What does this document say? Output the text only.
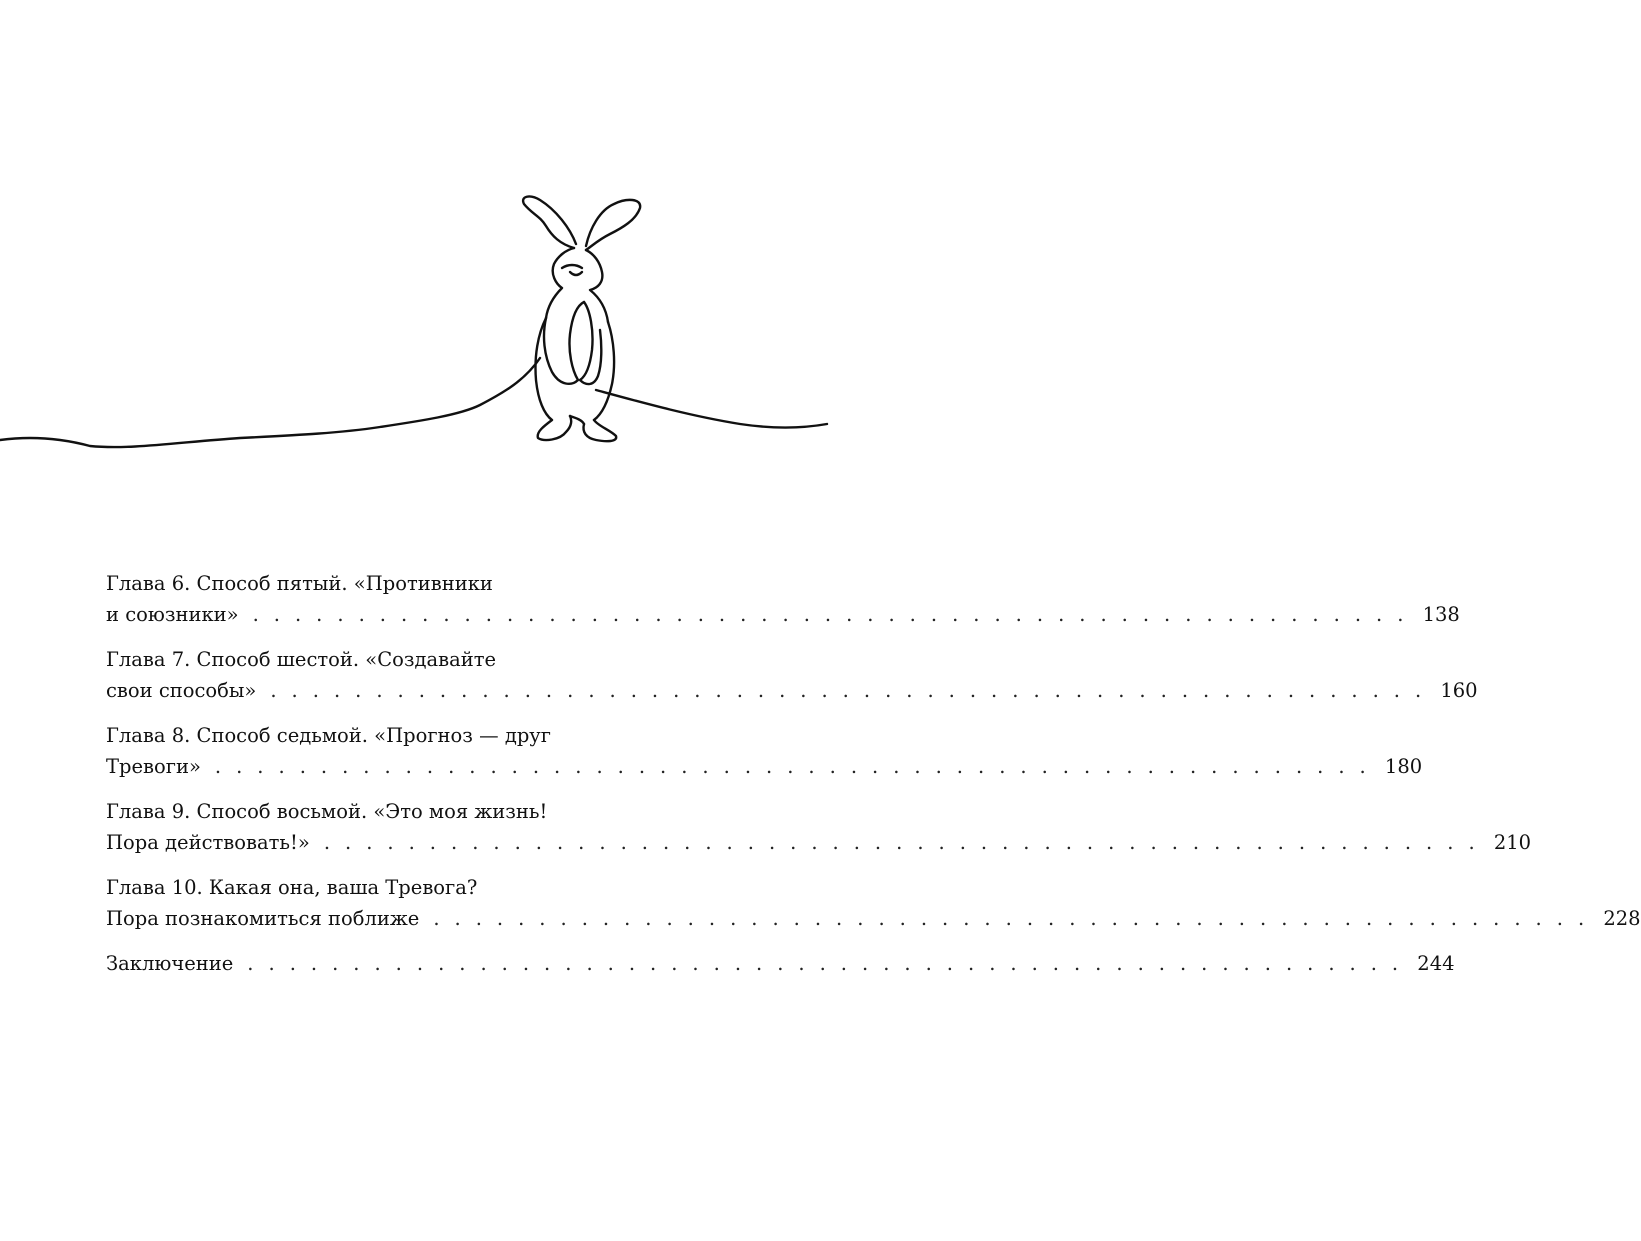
Глава 6. Способ пятый. «Противники
и союзники» . . . . . . . . . . . . . . . . . . . . . . . . . . . . . . . . . . . . . . . . . . . . . . . . . . . . . . . 138
Глава 7. Способ шестой. «Создавайте
свои способы» . . . . . . . . . . . . . . . . . . . . . . . . . . . . . . . . . . . . . . . . . . . . . . . . . . . . . . . 160
Глава 8. Способ седьмой. «Прогноз — друг
Тревоги» . . . . . . . . . . . . . . . . . . . . . . . . . . . . . . . . . . . . . . . . . . . . . . . . . . . . . . . 180
Глава 9. Способ восьмой. «Это моя жизнь!
Пора действовать!» . . . . . . . . . . . . . . . . . . . . . . . . . . . . . . . . . . . . . . . . . . . . . . . . . . . . . . . 210
Глава 10. Какая она, ваша Тревога?
Пора познакомиться поближе . . . . . . . . . . . . . . . . . . . . . . . . . . . . . . . . . . . . . . . . . . . . . . . . . . . . . . . 228
Заключение . . . . . . . . . . . . . . . . . . . . . . . . . . . . . . . . . . . . . . . . . . . . . . . . . . . . . . . 244
